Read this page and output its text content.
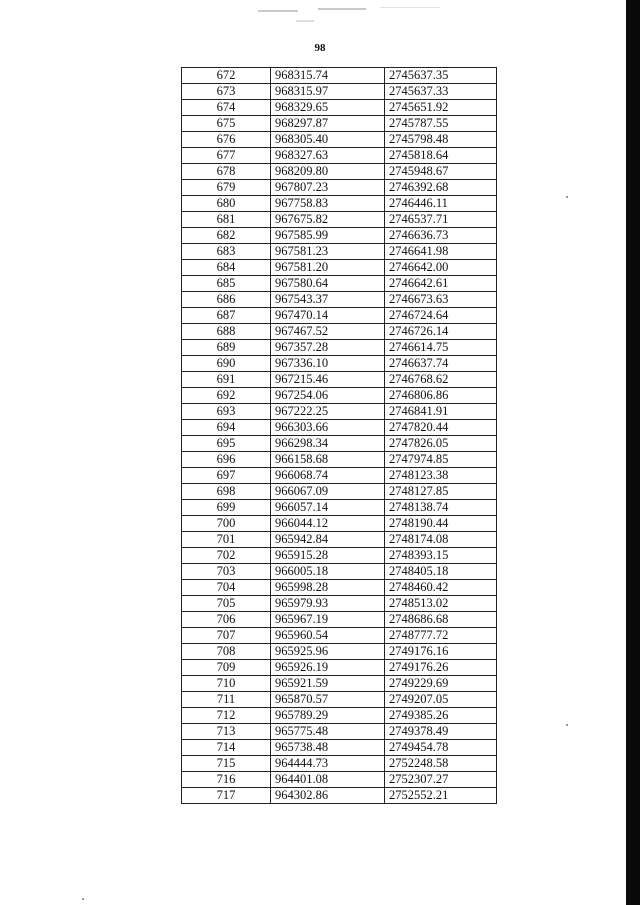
98
672	968315.74	2745637.35
673	968315.97	2745637.33
674	968329.65	2745651.92
675	968297.87	2745787.55
676	968305.40	2745798.48
677	968327.63	2745818.64
678	968209.80	2745948.67
679	967807.23	2746392.68
680	967758.83	2746446.11
681	967675.82	2746537.71
682	967585.99	2746636.73
683	967581.23	2746641.98
684	967581.20	2746642.00
685	967580.64	2746642.61
686	967543.37	2746673.63
687	967470.14	2746724.64
688	967467.52	2746726.14
689	967357.28	2746614.75
690	967336.10	2746637.74
691	967215.46	2746768.62
692	967254.06	2746806.86
693	967222.25	2746841.91
694	966303.66	2747820.44
695	966298.34	2747826.05
696	966158.68	2747974.85
697	966068.74	2748123.38
698	966067.09	2748127.85
699	966057.14	2748138.74
700	966044.12	2748190.44
701	965942.84	2748174.08
702	965915.28	2748393.15
703	966005.18	2748405.18
704	965998.28	2748460.42
705	965979.93	2748513.02
706	965967.19	2748686.68
707	965960.54	2748777.72
708	965925.96	2749176.16
709	965926.19	2749176.26
710	965921.59	2749229.69
711	965870.57	2749207.05
712	965789.29	2749385.26
713	965775.48	2749378.49
714	965738.48	2749454.78
715	964444.73	2752248.58
716	964401.08	2752307.27
717	964302.86	2752552.21
